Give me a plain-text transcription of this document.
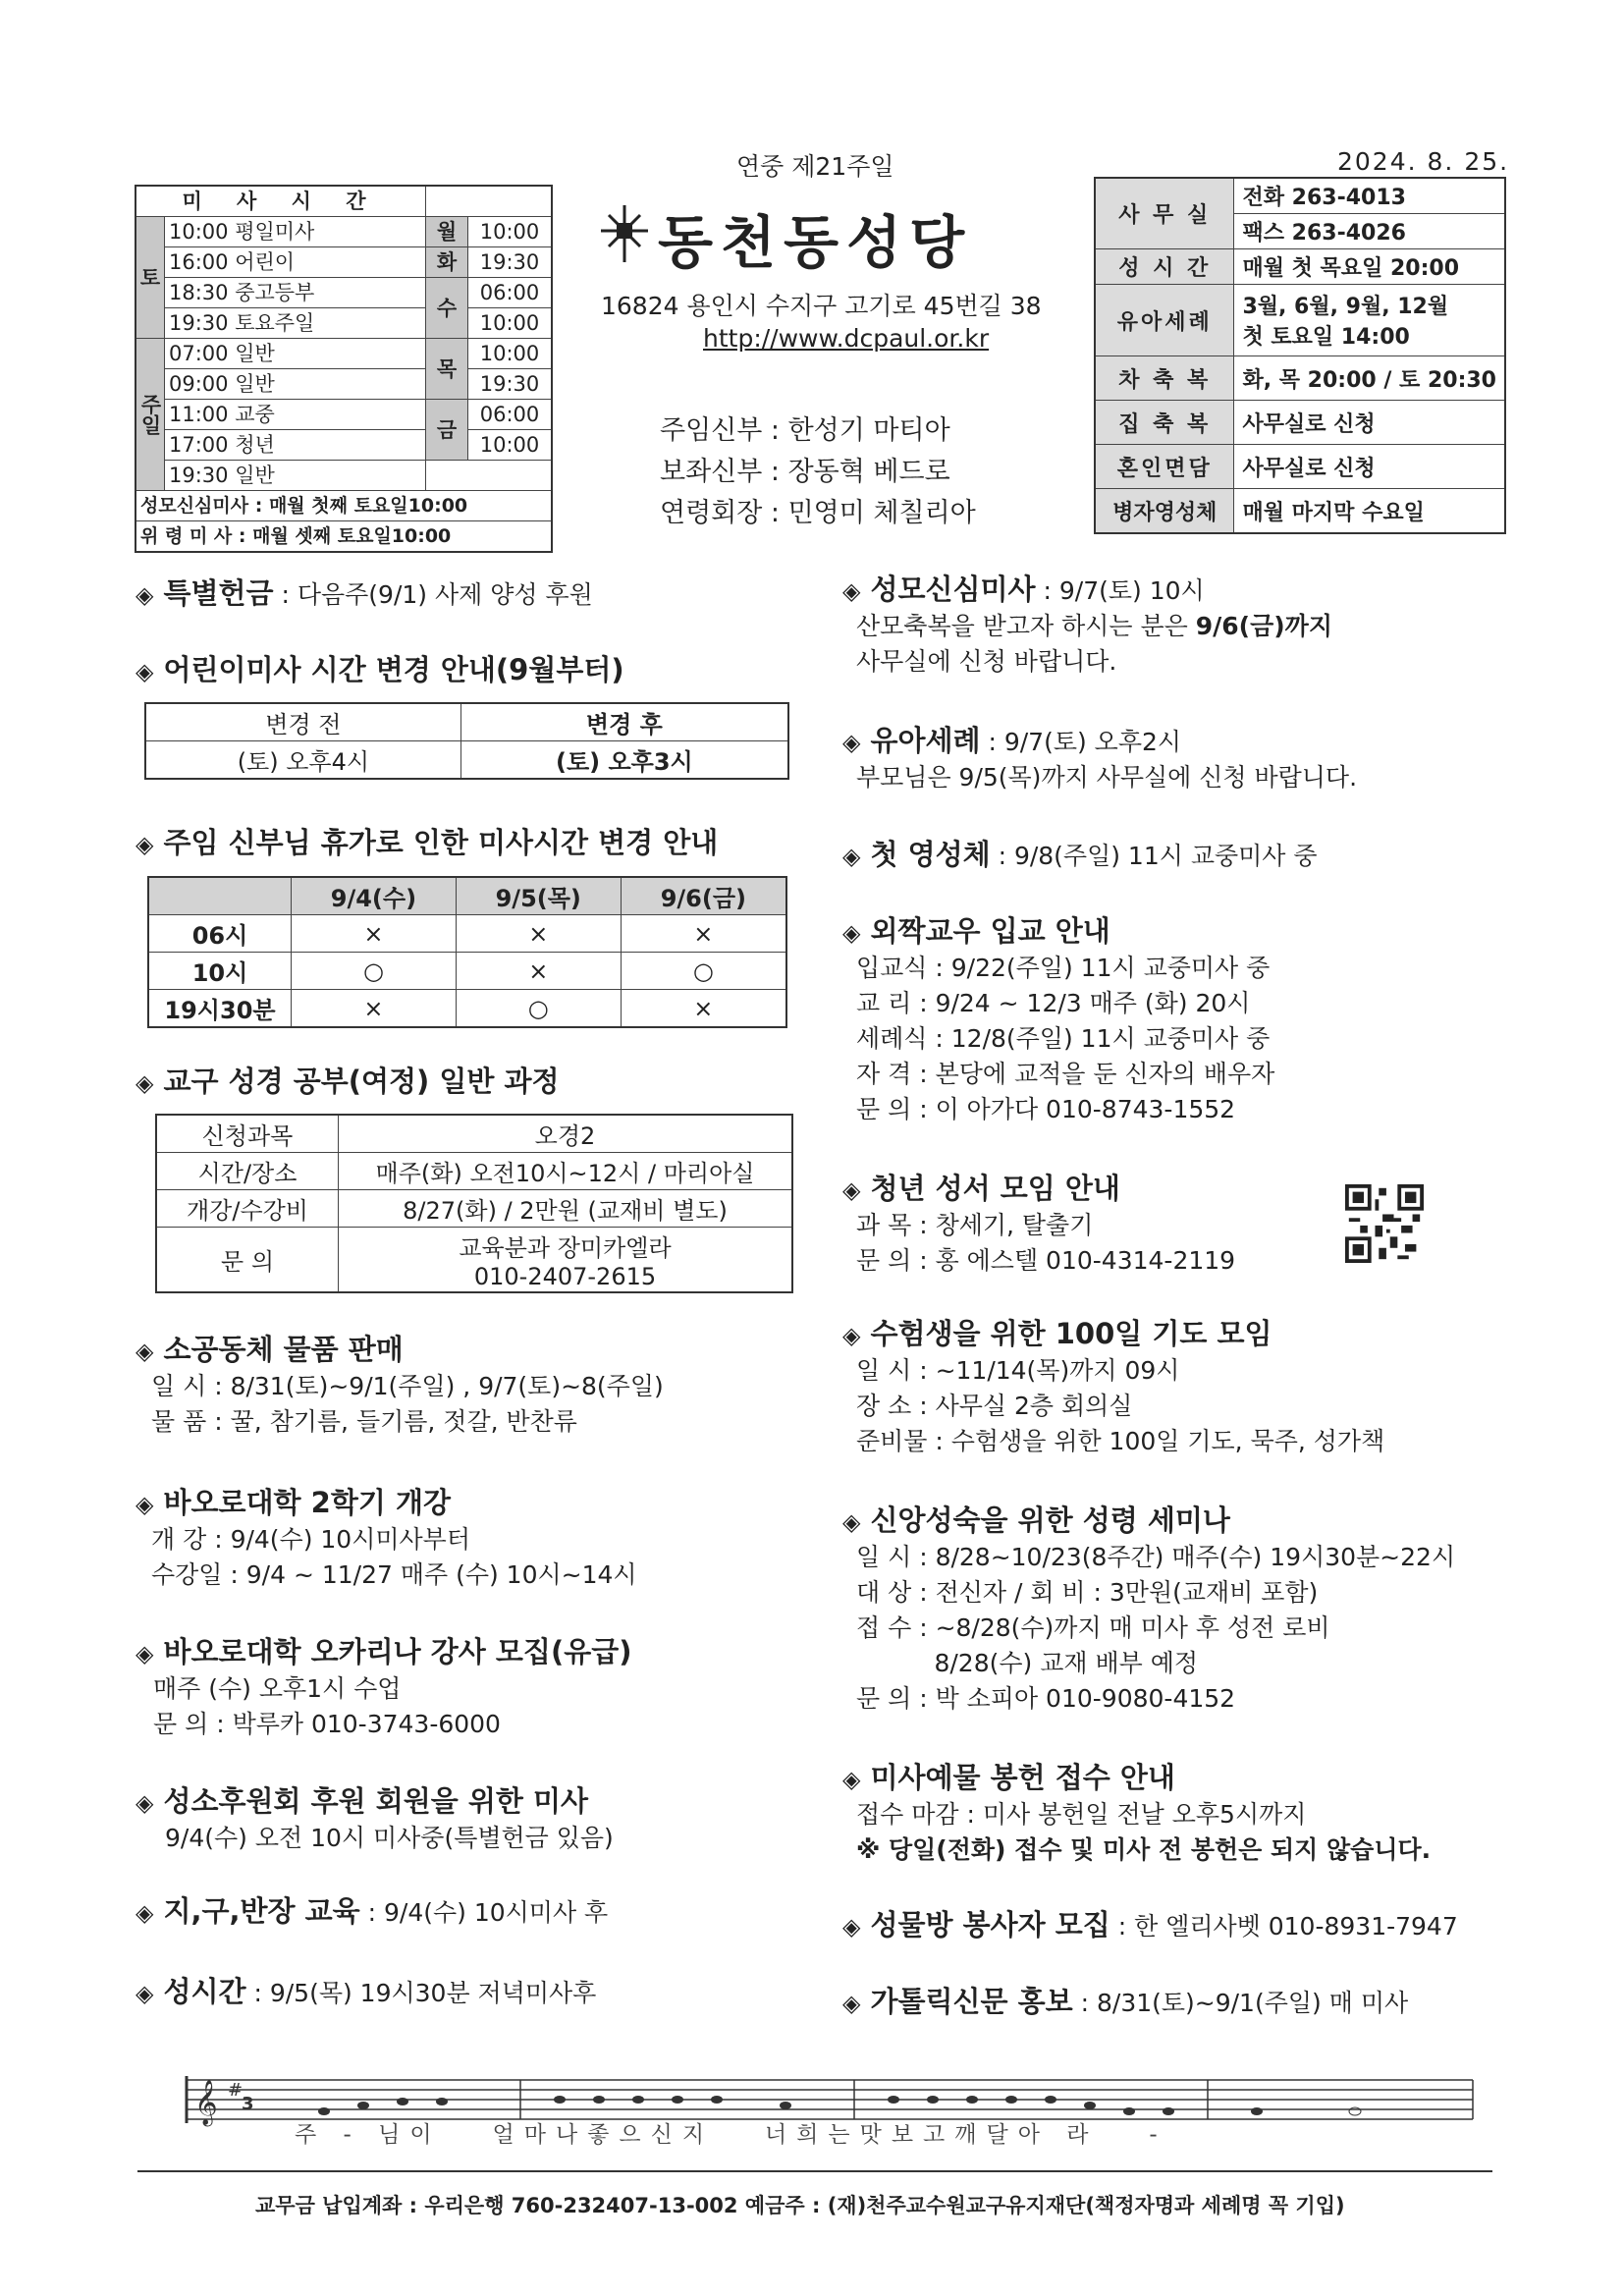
연중 제21주일	2024. 8. 25.
미 사 시 간			
토	10:00 평일미사	월	10:00
	16:00 어린이	화	19:30
	18:30 중고등부	수	06:00
	19:30 토요주일		10:00
주일	07:00 일반	목	10:00
	09:00 일반		19:30
	11:00 교중	금	06:00
	17:00 청년		10:00
	19:30 일반		
성모신심미사 : 매월 첫째 토요일10:00			
위 령 미 사 : 매월 셋째 토요일10:00			
동천동성당
16824 용인시 수지구 고기로 45번길 38
http://www.dcpaul.or.kr
주임신부 : 한성기 마티아
보좌신부 : 장동혁 베드로
연령회장 : 민영미 체칠리아
사 무 실	전화 263-4013
	팩스 263-4026
성 시 간	매월 첫 목요일 20:00
유아세례	3월, 6월, 9월, 12월
첫 토요일 14:00

차 축 복	화, 목 20:00 / 토 20:30
집 축 복	사무실로 신청
혼인면담	사무실로 신청
병자영성체	매월 마지막 수요일
◈ 특별헌금 : 다음주(9/1) 사제 양성 후원
◈ 어린이미사 시간 변경 안내(9월부터)
변경 전	변경 후
(토) 오후4시	(토) 오후3시
◈ 주임 신부님 휴가로 인한 미사시간 변경 안내
	9/4(수)	9/5(목)	9/6(금)
06시	×	×	×
10시	○	×	○
19시30분	×	○	×
◈ 교구 성경 공부(여정) 일반 과정
신청과목	오경2
시간/장소	매주(화) 오전10시~12시 / 마리아실
개강/수강비	8/27(화) / 2만원 (교재비 별도)
문 의	교육분과 장미카엘라
010-2407-2615
◈ 소공동체 물품 판매
일 시 : 8/31(토)~9/1(주일) , 9/7(토)~8(주일)
물 품 : 꿀, 참기름, 들기름, 젓갈, 반찬류
◈ 바오로대학 2학기 개강
개 강 : 9/4(수) 10시미사부터
수강일 : 9/4 ~ 11/27 매주 (수) 10시~14시
◈ 바오로대학 오카리나 강사 모집(유급)
매주 (수) 오후1시 수업
문 의 : 박루카 010-3743-6000
◈ 성소후원회 후원 회원을 위한 미사
9/4(수) 오전 10시 미사중(특별헌금 있음)
◈ 지,구,반장 교육 : 9/4(수) 10시미사 후
◈ 성시간 : 9/5(목) 19시30분 저녁미사후
◈ 성모신심미사 : 9/7(토) 10시
산모축복을 받고자 하시는 분은 9/6(금)까지
사무실에 신청 바랍니다.
◈ 유아세례 : 9/7(토) 오후2시
부모님은 9/5(목)까지 사무실에 신청 바랍니다.
◈ 첫 영성체 : 9/8(주일) 11시 교중미사 중
◈ 외짝교우 입교 안내
입교식 : 9/22(주일) 11시 교중미사 중
교 리 : 9/24 ~ 12/3 매주 (화) 20시
세례식 : 12/8(주일) 11시 교중미사 중
자 격 : 본당에 교적을 둔 신자의 배우자
문 의 : 이 아가다 010-8743-1552
◈ 청년 성서 모임 안내
과 목 : 창세기, 탈출기
문 의 : 홍 에스텔 010-4314-2119
◈ 수험생을 위한 100일 기도 모임
일 시 : ~11/14(목)까지 09시
장 소 : 사무실 2층 회의실
준비물 : 수험생을 위한 100일 기도, 묵주, 성가책
◈ 신앙성숙을 위한 성령 세미나
일 시 : 8/28~10/23(8주간) 매주(수) 19시30분~22시
대 상 : 전신자 / 회 비 : 3만원(교재비 포함)
접 수 : ~8/28(수)까지 매 미사 후 성전 로비
8/28(수) 교재 배부 예정
문 의 : 박 소피아 010-9080-4152
◈ 미사예물 봉헌 접수 안내
접수 마감 : 미사 봉헌일 전날 오후5시까지
※ 당일(전화) 접수 및 미사 전 봉헌은 되지 않습니다.
◈ 성물방 봉사자 모집 : 한 엘리사벳 010-8931-7947
◈ 가톨릭신문 홍보 : 8/31(토)~9/1(주일) 매 미사
𝄞 #
3
주 - 님이   얼마나좋으신지   너희는맛보고깨달아 라   -
교무금 납입계좌 : 우리은행 760-232407-13-002 예금주 : (재)천주교수원교구유지재단(책정자명과 세례명 꼭 기입)
